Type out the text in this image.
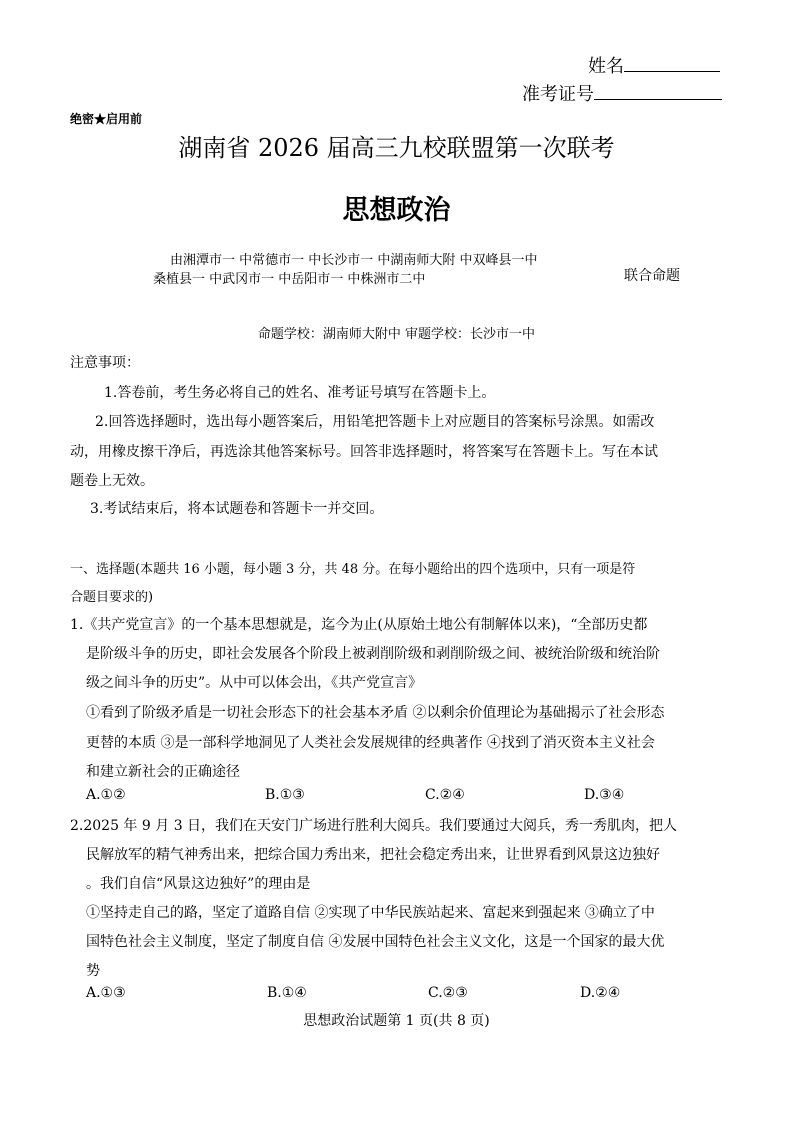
姓名
准考证号
绝密★启用前
湖南省 2026 届高三九校联盟第一次联考
思想政治
由湘潭市一 中常德市一 中长沙市一 中湖南师大附 中双峰县一中
桑植县一 中武冈市一 中岳阳市一 中株洲市二中	联合命题
命题学校：湖南师大附中 审题学校：长沙市一中
注意事项：
1.答卷前，考生务必将自己的姓名、准考证号填写在答题卡上。
2.回答选择题时，选出每小题答案后，用铅笔把答题卡上对应题目的答案标号涂黑。如需改
动，用橡皮擦干净后，再选涂其他答案标号。回答非选择题时，将答案写在答题卡上。写在本试
题卷上无效。
3.考试结束后，将本试题卷和答题卡一并交回。
一、选择题(本题共 16 小题，每小题 3 分，共 48 分。在每小题给出的四个选项中，只有一项是符
合题目要求的)
1.《共产党宣言》的一个基本思想就是，迄今为止(从原始土地公有制解体以来)，“全部历史都
是阶级斗争的历史，即社会发展各个阶段上被剥削阶级和剥削阶级之间、被统治阶级和统治阶
级之间斗争的历史”。从中可以体会出，《共产党宣言》
①看到了阶级矛盾是一切社会形态下的社会基本矛盾 ②以剩余价值理论为基础揭示了社会形态
更替的本质 ③是一部科学地洞见了人类社会发展规律的经典著作 ④找到了消灭资本主义社会
和建立新社会的正确途径
A.①②	B.①③	C.②④	D.③④
2.2025 年 9 月 3 日，我们在天安门广场进行胜利大阅兵。我们要通过大阅兵，秀一秀肌肉，把人
民解放军的精气神秀出来，把综合国力秀出来，把社会稳定秀出来，让世界看到风景这边独好
。我们自信“风景这边独好”的理由是
①坚持走自己的路，坚定了道路自信 ②实现了中华民族站起来、富起来到强起来 ③确立了中
国特色社会主义制度，坚定了制度自信 ④发展中国特色社会主义文化，这是一个国家的最大优
势
A.①③	B.①④	C.②③	D.②④
思想政治试题第 1 页(共 8 页)
